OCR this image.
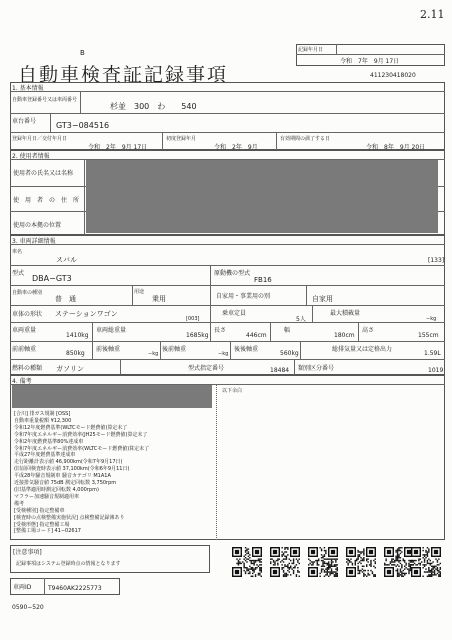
2.11
B
自動車検査証記録事項
記録年月日
令和　7年　9月 17日
411230418020
1. 基本情報
自動車登録番号又は車両番号
杉並　300　わ　　540
車台番号 GT3−084516
登録年月日／交付年月日
令和　2年　9月 17日
初度登録年月
令和　2年　9月
有効期間の満了する日
令和　8年　9月 20日
2. 使用者情報
使用者の氏名又は名称
使　用　者　の　住　所
使用の本拠の位置
3. 車両詳細情報
車名
スバル	[133]
型式
DBA−GT3
原動機の型式
FB16
自動車の種別
普　通
用途
乗用	自家用・事業用の別	自家用
車体の形状 ステーションワゴン
[003]
乗車定員
5人
最大積載量
−kg
車両重量
1410kg
車両総重量
1685kg
長さ
446cm
幅
180cm
高さ
155cm
前前軸重
850kg
前後軸重
−kg
後前軸重
−kg
後後軸重
560kg
総排気量又は定格出力
1.59L
燃料の種類 ガソリン	型式指定番号	18484 類別区分番号	1019
4. 備考
以下余白
[合川] 排ガス規制 [OSS]
自動車重量税額 ¥12,300
令和12年度燃費基準(WLTCモード燃費値)算定未了
令和7年度エネルギー消費効率(JH25モード燃費値)算定未了
令和2年度燃費基準80%達成車
令和7年度エネルギー消費効率(WLTCモード燃費値)算定未了
平成27年度燃費基準達成車
走行距離計表示値 46,900km(令和7年9月17日)
(旧前回検査時表示値 37,100km(令和6年9月11日)
平成28年騒音規制車 騒音カテゴリ M1A1A
近接排気騒音値 75dB 測定回転数 3,750rpm
(旧基準適用時測定回転数 4,000rpm)
マフラー加速騒音規制適用車
備考
[受検種別] 指定整備車
[検査時の点検整備実施状況] 点検整備記録簿あり
[受検形態] 指定整備工場
[整備工場コード] 41−02617
[注意事項]
記録事項はシステム登録時点の情報となります
車両ID	T9460AK2225773
0590−520
